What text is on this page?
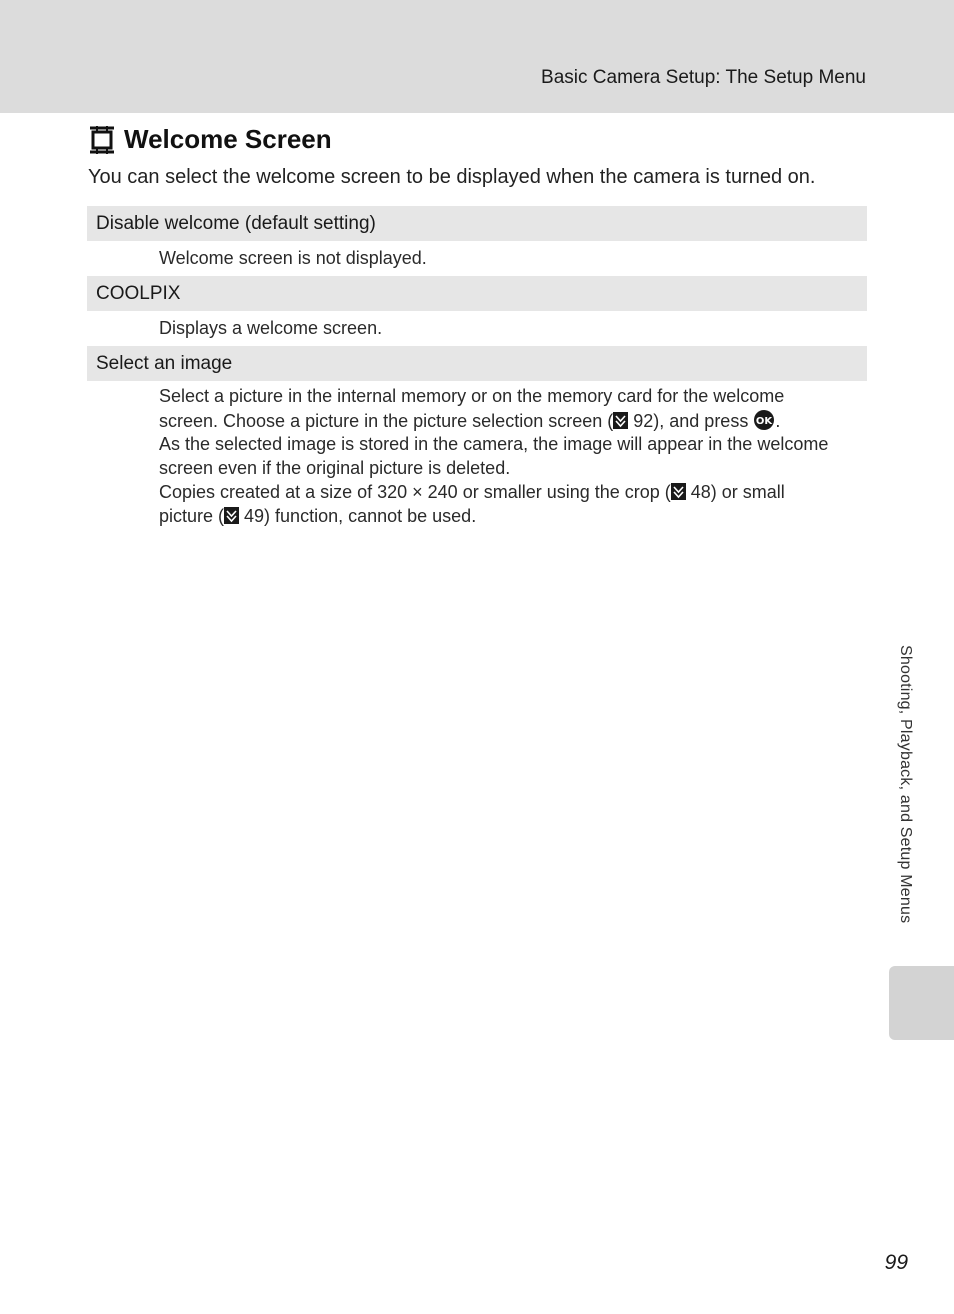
Basic Camera Setup: The Setup Menu
Welcome Screen
You can select the welcome screen to be displayed when the camera is turned on.
Disable welcome (default setting)
Welcome screen is not displayed.
COOLPIX
Displays a welcome screen.
Select an image
Select a picture in the internal memory or on the memory card for the welcome
screen. Choose a picture in the picture selection screen ( 92), and press OK .
As the selected image is stored in the camera, the image will appear in the welcome
screen even if the original picture is deleted.
Copies created at a size of 320 × 240 or smaller using the crop ( 48) or small
picture ( 49) function, cannot be used.
Shooting, Playback, and Setup Menus
99
